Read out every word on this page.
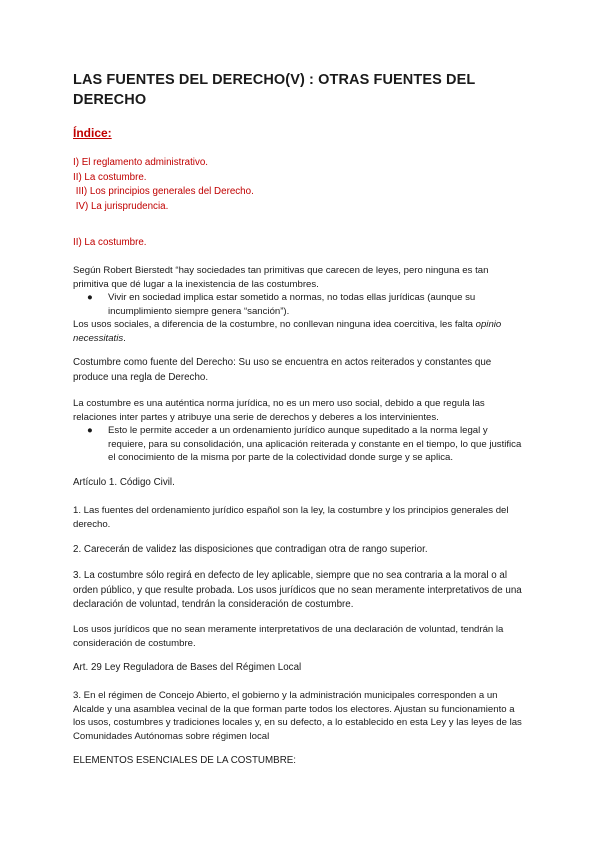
LAS FUENTES DEL DERECHO(V) : OTRAS FUENTES DEL DERECHO
Índice:
I) El reglamento administrativo.
II) La costumbre.
III) Los principios generales del Derecho.
IV) La jurisprudencia.
II) La costumbre.
Según Robert Bierstedt “hay sociedades tan primitivas que carecen de leyes, pero ninguna es tan primitiva que dé lugar a la inexistencia de las costumbres.
●	Vivir en sociedad implica estar sometido a normas, no todas ellas jurídicas (aunque su incumplimiento siempre genera “sanción”).
Los usos sociales, a diferencia de la costumbre, no conllevan ninguna idea coercitiva, les falta opinio necessitatis.
Costumbre como fuente del Derecho: Su uso se encuentra en actos reiterados y constantes que produce una regla de Derecho.
La costumbre es una auténtica norma jurídica, no es un mero uso social, debido a que regula las relaciones inter partes y atribuye una serie de derechos y deberes a los intervinientes.
●	Esto le permite acceder a un ordenamiento jurídico aunque supeditado a la norma legal y requiere, para su consolidación, una aplicación reiterada y constante en el tiempo, lo que justifica el conocimiento de la misma por parte de la colectividad donde surge y se aplica.
Artículo 1. Código Civil.
1. Las fuentes del ordenamiento jurídico español son la ley, la costumbre y los principios generales del derecho.
2. Carecerán de validez las disposiciones que contradigan otra de rango superior.
3. La costumbre sólo regirá en defecto de ley aplicable, siempre que no sea contraria a la moral o al orden público, y que resulte probada. Los usos jurídicos que no sean meramente interpretativos de una declaración de voluntad, tendrán la consideración de costumbre.
Los usos jurídicos que no sean meramente interpretativos de una declaración de voluntad, tendrán la consideración de costumbre.
Art. 29 Ley Reguladora de Bases del Régimen Local
3. En el régimen de Concejo Abierto, el gobierno y la administración municipales corresponden a un Alcalde y una asamblea vecinal de la que forman parte todos los electores. Ajustan su funcionamiento a los usos, costumbres y tradiciones locales y, en su defecto, a lo establecido en esta Ley y las leyes de las Comunidades Autónomas sobre régimen local
ELEMENTOS ESENCIALES DE LA COSTUMBRE:
